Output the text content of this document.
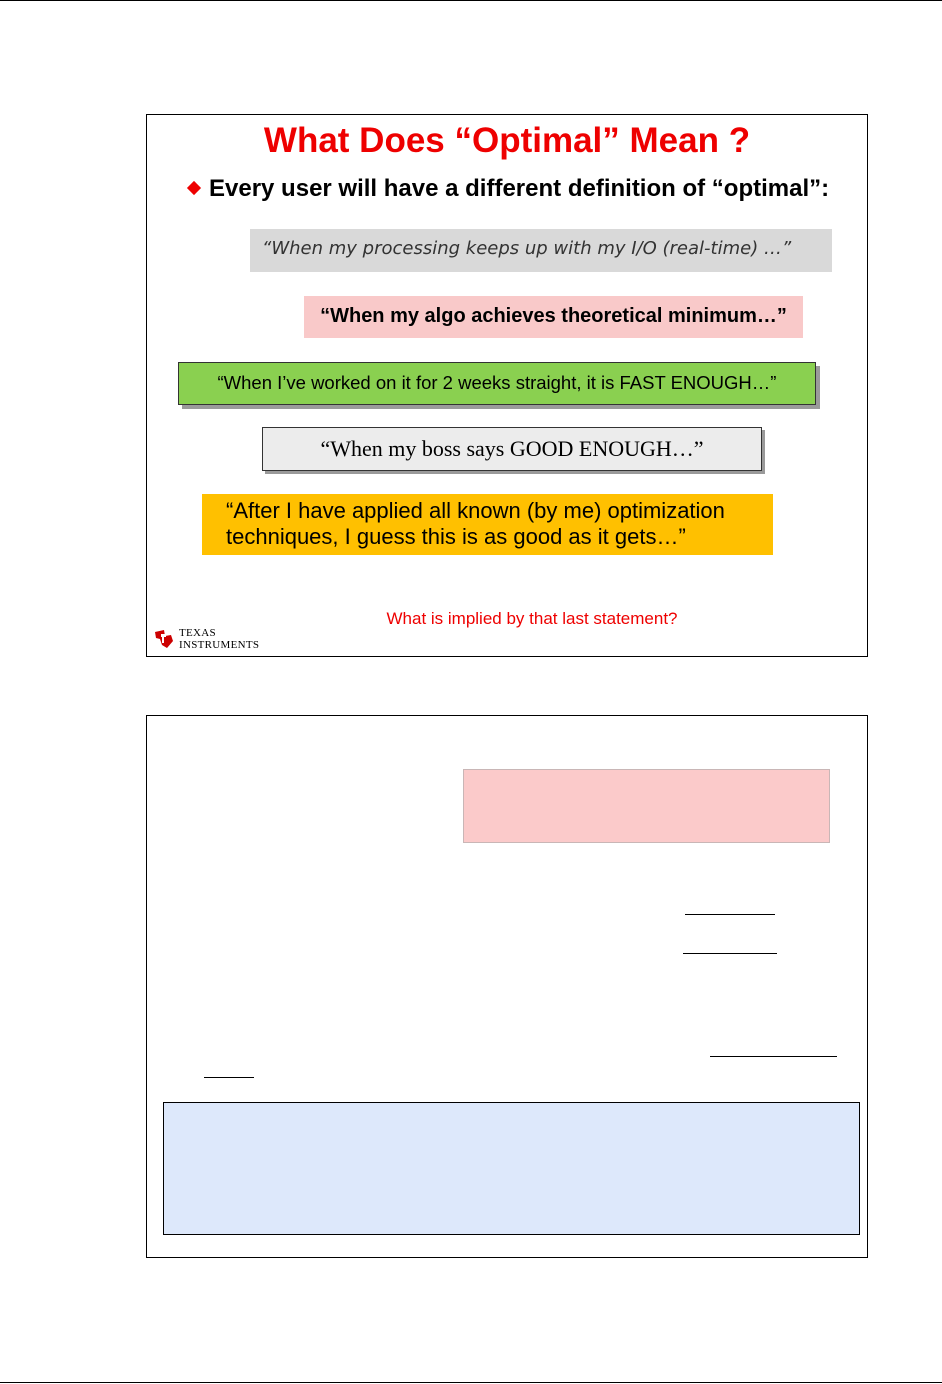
What Does “Optimal” Mean ?
Every user will have a different definition of “optimal”:
“When my processing keeps up with my I/O (real-time) …”
“When my algo achieves theoretical minimum…”
“When I’ve worked on it for 2 weeks straight, it is FAST ENOUGH…”
“When my boss says GOOD ENOUGH…”
“After I have applied all known (by me) optimization
techniques, I guess this is as good as it gets…”
What is implied by that last statement?
TEXAS
INSTRUMENTS
